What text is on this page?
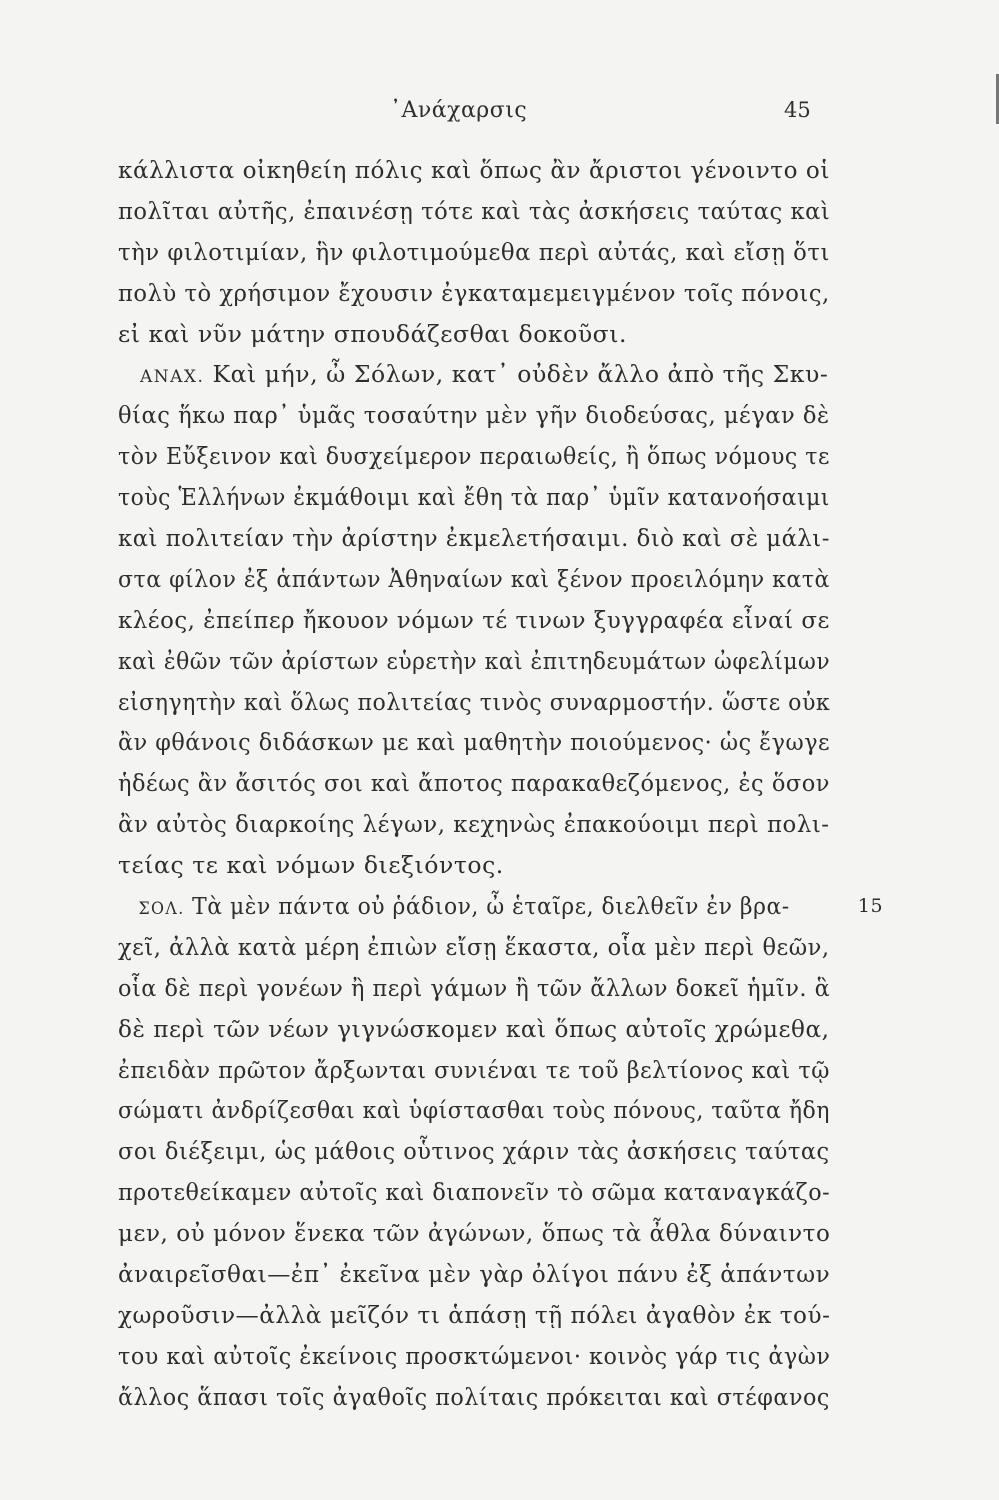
᾿Ανάχαρσις	45
κάλλιστα οἰκηθείη πόλις καὶ ὅπως ἂν ἄριστοι γένοιντο οἱ
πολῖται αὐτῆς, ἐπαινέσῃ τότε καὶ τὰς ἀσκήσεις ταύτας καὶ
τὴν φιλοτιμίαν, ἣν φιλοτιμούμεθα περὶ αὐτάς, καὶ εἴσῃ ὅτι
πολὺ τὸ χρήσιμον ἔχουσιν ἐγκαταμεμειγμένον τοῖς πόνοις,
εἰ καὶ νῦν μάτην σπουδάζεσθαι δοκοῦσι.
ΑΝΑΧ. Καὶ μήν, ὦ Σόλων, κατ᾿ οὐδὲν ἄλλο ἀπὸ τῆς Σκυ-
θίας ἥκω παρ᾿ ὑμᾶς τοσαύτην μὲν γῆν διοδεύσας, μέγαν δὲ
τὸν Εὔξεινον καὶ δυσχείμερον περαιωθείς, ἢ ὅπως νόμους τε
τοὺς Ἑλλήνων ἐκμάθοιμι καὶ ἔθη τὰ παρ᾿ ὑμῖν κατανοήσαιμι
καὶ πολιτείαν τὴν ἀρίστην ἐκμελετήσαιμι. διὸ καὶ σὲ μάλι-
στα φίλον ἐξ ἁπάντων Ἀθηναίων καὶ ξένον προειλόμην κατὰ
κλέος, ἐπείπερ ἤκουον νόμων τέ τινων ξυγγραφέα εἶναί σε
καὶ ἐθῶν τῶν ἀρίστων εὑρετὴν καὶ ἐπιτηδευμάτων ὠφελίμων
εἰσηγητὴν καὶ ὅλως πολιτείας τινὸς συναρμοστήν. ὥστε οὐκ
ἂν φθάνοις διδάσκων με καὶ μαθητὴν ποιούμενος· ὡς ἔγωγε
ἡδέως ἂν ἄσιτός σοι καὶ ἄποτος παρακαθεζόμενος, ἐς ὅσον
ἂν αὐτὸς διαρκοίης λέγων, κεχηνὼς ἐπακούοιμι περὶ πολι-
τείας τε καὶ νόμων διεξιόντος.
ΣΟΛ. Τὰ μὲν πάντα οὐ ῥάδιον, ὦ ἑταῖρε, διελθεῖν ἐν βρα-	15
χεῖ, ἀλλὰ κατὰ μέρη ἐπιὼν εἴσῃ ἕκαστα, οἷα μὲν περὶ θεῶν,
οἷα δὲ περὶ γονέων ἢ περὶ γάμων ἢ τῶν ἄλλων δοκεῖ ἡμῖν. ἃ
δὲ περὶ τῶν νέων γιγνώσκομεν καὶ ὅπως αὐτοῖς χρώμεθα,
ἐπειδὰν πρῶτον ἄρξωνται συνιέναι τε τοῦ βελτίονος καὶ τῷ
σώματι ἀνδρίζεσθαι καὶ ὑφίστασθαι τοὺς πόνους, ταῦτα ἤδη
σοι διέξειμι, ὡς μάθοις οὗτινος χάριν τὰς ἀσκήσεις ταύτας
προτεθείκαμεν αὐτοῖς καὶ διαπονεῖν τὸ σῶμα καταναγκάζο-
μεν, οὐ μόνον ἕνεκα τῶν ἀγώνων, ὅπως τὰ ἆθλα δύναιντο
ἀναιρεῖσθαι—ἐπ᾿ ἐκεῖνα μὲν γὰρ ὀλίγοι πάνυ ἐξ ἁπάντων
χωροῦσιν—ἀλλὰ μεῖζόν τι ἁπάσῃ τῇ πόλει ἀγαθὸν ἐκ τού-
του καὶ αὐτοῖς ἐκείνοις προσκτώμενοι· κοινὸς γάρ τις ἀγὼν
ἄλλος ἅπασι τοῖς ἀγαθοῖς πολίταις πρόκειται καὶ στέφανος
